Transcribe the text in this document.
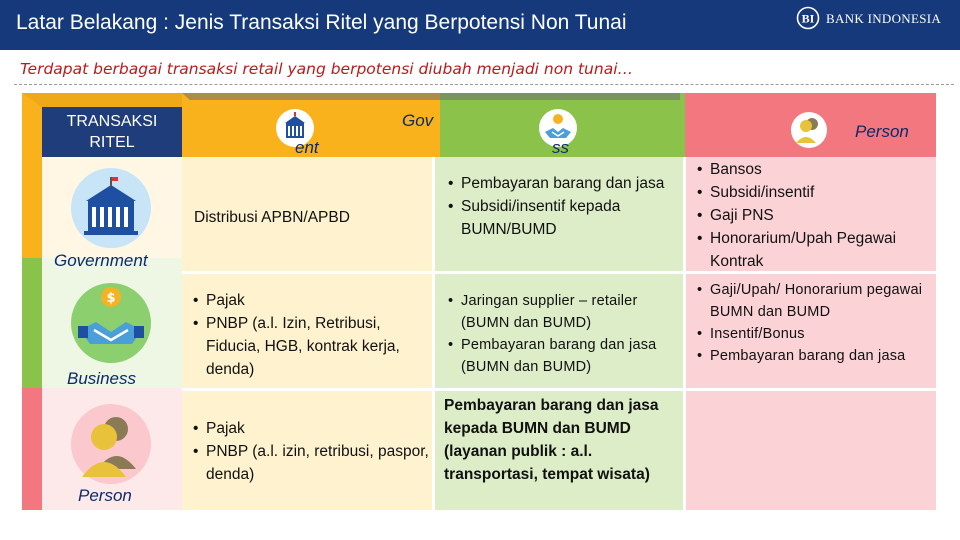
Latar Belakang : Jenis Transaksi Ritel yang Berpotensi Non Tunai	BI BANK INDONESIA
Terdapat berbagai transaksi retail yang berpotensi diubah menjadi non tunai…
TRANSAKSI
RITEL
Gov
ent	ss
Person
Government
$
Business
Person
Distribusi APBN/APBD
• Pembayaran barang dan jasa
• Subsidi/insentif kepada BUMN/BUMD
• Bansos
• Subsidi/insentif
• Gaji PNS
• Honorarium/Upah Pegawai Kontrak
• Pajak
• PNBP (a.l. Izin, Retribusi, Fiducia, HGB, kontrak kerja, denda)
• Jaringan supplier – retailer (BUMN dan BUMD)
• Pembayaran barang dan jasa (BUMN dan BUMD)
• Gaji/Upah/ Honorarium pegawai BUMN dan BUMD
• Insentif/Bonus
• Pembayaran barang dan jasa
• Pajak
• PNBP (a.l. izin, retribusi, paspor, denda)
Pembayaran barang dan jasa kepada BUMN dan BUMD (layanan publik : a.l. transportasi, tempat wisata)
